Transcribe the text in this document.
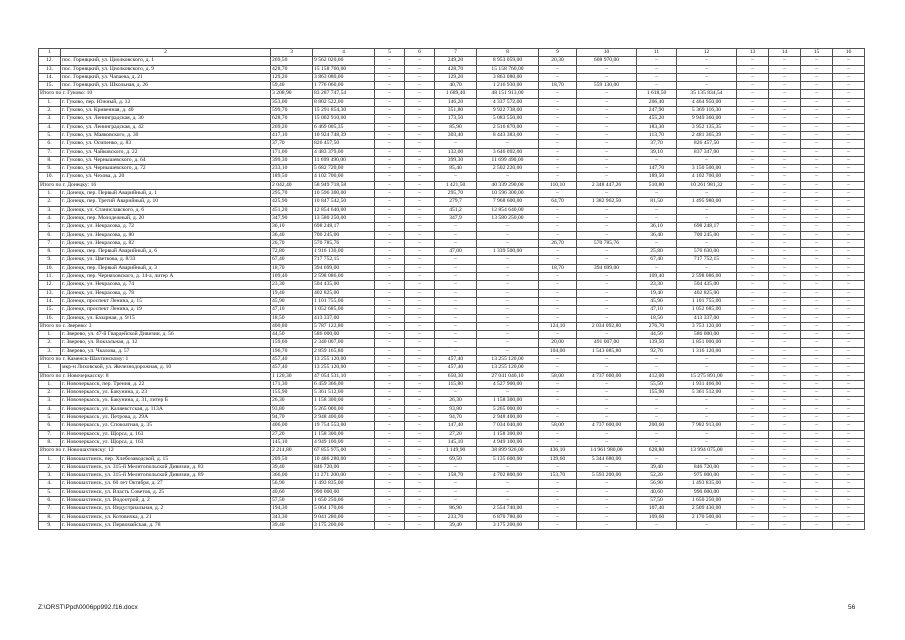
1	2	3	4	5	6	7	8	9	10	11	12	13	14	15	16
12.	пос. Горняцкий, ул. Циолковского, д. 1	269,50	9 562 020,00	–	–	249,20	8 953 059,00	20,30	608 970,00	–	–	–	–	–	–
13.	пос. Горняцкий, ул. Циолковского, д. 9	428,70	15 158 760,00	–	–	428,70	15 158 760,00	–	–	–	–	–	–	–	–
14.	пос. Горняцкий, ул. Чапаева, д. 21	129,20	3 863 080,00	–	–	129,20	3 863 080,00	–	–	–	–	–	–	–	–
15.	пос. Горняцкий, ул. Школьная, д. 26	59,40	1 776 060,00	–	–	40,70	1 216 930,00	18,70	559 130,00	–	–	–	–	–	–
Итого по г. Гуково: 10		3 208,90	83 287 747,54	–	–	1 689,40	48 151 913,00	–	–	1 618,50	35 135 834,54	–	–	–	–
1.	г. Гуково, пер. Южный, д. 12	353,00	8 802 522,00	–	–	146,20	4 337 572,00	–	–	206,40	4 464 950,00	–	–	–	–
2.	г. Гуково, ул. Кривенная, д. 40	599,70	15 291 854,30	–	–	351,80	9 922 738,00	–	–	247,90	5 369 116,30	–	–	–	–
3.	г. Гуково, ул. Ленинградская, д. 30	628,70	15 002 910,00	–	–	173,50	5 083 550,00	–	–	455,20	9 949 360,00	–	–	–	–
4.	г. Гуково, ул. Ленинградская, д. 42	269,20	6 469 005,35	–	–	85,90	2 516 870,00	–	–	183,30	3 952 135,35	–	–	–	–
5.	г. Гуково, ул. Маяковского, д. 30	417,10	10 924 748,39	–	–	303,40	8 443 383,00	–	–	113,70	2 481 365,39	–	–	–	–
6.	г. Гуково, ул. Осипенко, д. 83	37,70	826 457,50	–	–	–	–	–	–	37,70	826 457,50	–	–	–	–
7.	г. Гуково, ул. Чайковского, д. 22	171,00	4 483 379,00	–	–	132,00	3 646 092,00	–	–	39,10	837 347,00	–	–	–	–
8.	г. Гуково, ул. Чернышевского, д. 64	399,30	11 699 490,00	–	–	399,30	11 699 490,00	–	–	–	–	–	–	–	–
9.	г. Гуково, ул. Чернышевского, д. 72	233,10	5 682 720,00	–	–	85,40	2 502 220,00	–	–	147,70	3 150 500,00	–	–	–	–
10.	г. Гуково, ул. Чехова, д. 20	189,50	4 102 700,00	–	–	–	–	–	–	189,50	4 102 700,00	–	–	–	–
Итого по г. Донецку: 16		2 042,40	58 949 718,58	–	–	1 421,50	40 339 290,00	110,10	2 348 447,26	510,80	10 261 981,32	–	–	–	–
1.	г. Донецк, пер. Первый Аварийный, д. 1	295,70	10 596 300,00	–	–	295,70	10 596 300,00	–	–	–	–	–	–	–	–
2.	г. Донецк, пер. Третий Аварийный, д. 10	425,90	10 847 542,50	–	–	279,7	7 968 600,00	64,70	1 382 962,50	81,50	1 495 980,00	–	–	–	–
3.	г. Донецк, ул. Станиславского, д. 6	451,20	12 854 640,00	–	–	451,2	12 854 640,00	–	–	–	–	–	–	–	–
4.	г. Донецк, пер. Молодежный, д. 20	347,90	13 580 250,00	–	–	347,9	13 580 250,00	–	–	–	–	–	–	–	–
5.	г. Донецк, ул. Некрасова, д. 72	36,10	698 248,17	–	–	–	–	–	–	36,10	698 248,17	–	–	–	–
6.	г. Донецк, ул. Некрасова, д. 80	36,40	700 245,00	–	–	–	–	–	–	36,40	700 245,00	–	–	–	–
7.	г. Донецк, ул. Некрасова, д. 82	26,70	570 785,76	–	–	–	–	26,70	570 785,76	–	–	–	–	–	–
8.	г. Донецк, пер. Первый Аварийный, д. 6	72,80	1 916 130,00	–	–	47,00	1 339 500,00	–	–	25,80	576 630,00	–	–	–	–
9.	г. Донецк, ул. Цветкова, д. 8/33	67,40	717 752,15	–	–	–	–	–	–	67,40	717 752,15	–	–	–	–
10.	г. Донецк, пер. Первый Аварийный, д. 3	18,70	394 699,00	–	–	–	–	18,70	394 699,00	–	–	–	–	–	–
11.	г. Донецк, пер. Черняховского, д. 14-а, литер А	109,40	2 598 086,00	–	–	–	–	–	–	109,40	2 598 086,00	–	–	–	–
12.	г. Донецк, ул. Некрасова, д. 74	23,30	504 435,00	–	–	–	–	–	–	23,30	504 435,00	–	–	–	–
13.	г. Донецк, ул. Некрасова, д. 78	19,40	402 825,00	–	–	–	–	–	–	19,40	402 825,00	–	–	–	–
14.	г. Донецк, проспект Ленина, д. 15	45,90	1 101 755,00	–	–	–	–	–	–	45,90	1 101 755,00	–	–	–	–
15.	г. Донецк, проспект Ленина, д. 19	47,10	1 052 685,00	–	–	–	–	–	–	47,10	1 052 685,00	–	–	–	–
16.	г. Донецк, ул. Базарная, д. 9/15	18,50	413 337,00	–	–	–	–	–	–	18,50	413 337,00	–	–	–	–
Итого по г. Зверево: 3		400,80	5 787 122,80	–	–	–	–	124,10	2 034 092,80	276,70	3 753 120,00	–	–	–	–
1.	г. Зверево, ул. 47-й Гвардейской Дивизии, д. 56	44,50	586 000,00	–	–	–	–	–	–	44,50	586 000,00	–	–	–	–
2.	г. Зверево, ул. Вокзальная, д. 12	159,60	2 340 007,00	–	–	–	–	20,00	491 007,00	139,50	1 851 000,00	–	–	–	–
3.	г. Зверево, ул. Чкалова, д. 57	196,70	2 859 165,80	–	–	–	–	104,00	1 543 085,80	92,70	1 316 120,00	–	–	–	–
Итого по г. Каменск-Шахтинскому: 1		457,40	13 255 120,00	–	–	457,40	13 255 120,00	–	–	–	–	–	–	–	–
1.	мкр-н Лиховской, ул. Железнодорожная, д. 10	457,40	13 255 120,00	–	–	457,40	13 255 120,00	–	–	–	–	–	–	–	–
Итого по г. Новочеркасску: 8		1 120,30	47 054 531,10	–	–	650,30	27 041 040,10	58,00	4 737 600,00	412,00	15 275 891,00	–	–	–	–
1.	г. Новочеркасск, пер. Трения, д. 22	171,30	6 459 366,00	–	–	115,80	4 527 900,00	–	–	55,50	1 931 466,00	–	–	–	–
2.	г. Новочеркасск, ул. Бакунина, д. 23	155,90	5 361 512,00	–	–	–	–	–	–	155,90	5 361 512,00	–	–	–	–
3.	г. Новочеркасск, ул. Бакунина, д. 31, литер Б	26,30	1 158 300,00	–	–	26,30	1 158 300,00	–	–	–	–	–	–	–	–
4.	г. Новочеркасск, ул. Каляевстская, д. 113А	93,80	5 265 000,00	–	–	93,80	5 265 000,00	–	–	–	–	–	–	–	–
5.	г. Новочеркасск, ул. Петрова, д. 29А	94,70	2 948 400,00	–	–	94,70	2 948 400,00	–	–	–	–	–	–	–	–
6.	г. Новочеркасск, ул. Спокоатная, д. 35	406,00	19 754 553,00	–	–	147,40	7 034 040,00	58,00	4 737 600,00	200,60	7 982 913,00	–	–	–	–
7.	г. Новочеркасск, ул. Щорса, д. 163	27,20	1 158 300,00	–	–	27,20	1 158 300,00	–	–	–	–	–	–	–	–
8.	г. Новочеркасск, ул. Щорса, д. 163	145,10	4 949 100,00	–	–	145,10	4 949 100,00	–	–	–	–	–	–	–	–
Итого по г. Новошахтинску: 12		2 214,80	67 855 975,00	–	–	1 149,90	38 899 926,00	436,10	14 961 980,00	628,80	13 994 075,00	–	–	–	–
1.	г. Новошахтинск, пер. Хлебозаводской, д. 15	209,50	10 486 280,00	–	–	69,50	5 135 600,00	139,60	5 344 680,00	–	–	–	–	–	–
2.	г. Новошахтинск, ул. 315-й Мелитопольской Дивизии, д. 83	39,40	846 720,00	–	–	–	–	–	–	39,40	846 720,00	–	–	–	–
3.	г. Новошахтинск, ул. 315-й Мелитопольской Дивизии, д. 89	366,00	11 271 200,00	–	–	158,70	4 702 800,00	153,70	5 593 200,00	52,20	975 000,00	–	–	–	–
4.	г. Новошахтинск, ул. 60 лет Октября, д. 27	56,90	1 493 835,00	–	–	–	–	–	–	56,90	1 493 835,00	–	–	–	–
5.	г. Новошахтинск, ул. Власть Советов, д. 25	40,60	990 000,00	–	–	–	–	–	–	40,60	990 000,00	–	–	–	–
6.	г. Новошахтинск, ул. Водоотрой, д. 2	57,50	1 650 250,00	–	–	–	–	–	–	57,50	1 650 250,00	–	–	–	–
7.	г. Новошахтинск, ул. Индустриальная, д. 2	194,30	5 064 170,00	–	–	86,90	2 554 740,00	–	–	107,40	2 509 430,00	–	–	–	–
8.	г. Новошахтинск, ул. Котовичка, д. 21	343,30	9 041 280,00	–	–	233,70	6 870 780,00	–	–	109,60	2 170 500,00	–	–	–	–
9.	г. Новошахтинск, ул. Первомайская, д. 78	39,40	3 175 200,00	–	–	39,40	3 175 200,00	–	–	–	–	–	–	–	–
Z:\ORST\Ppd\0006pp992.f16.docx	56
